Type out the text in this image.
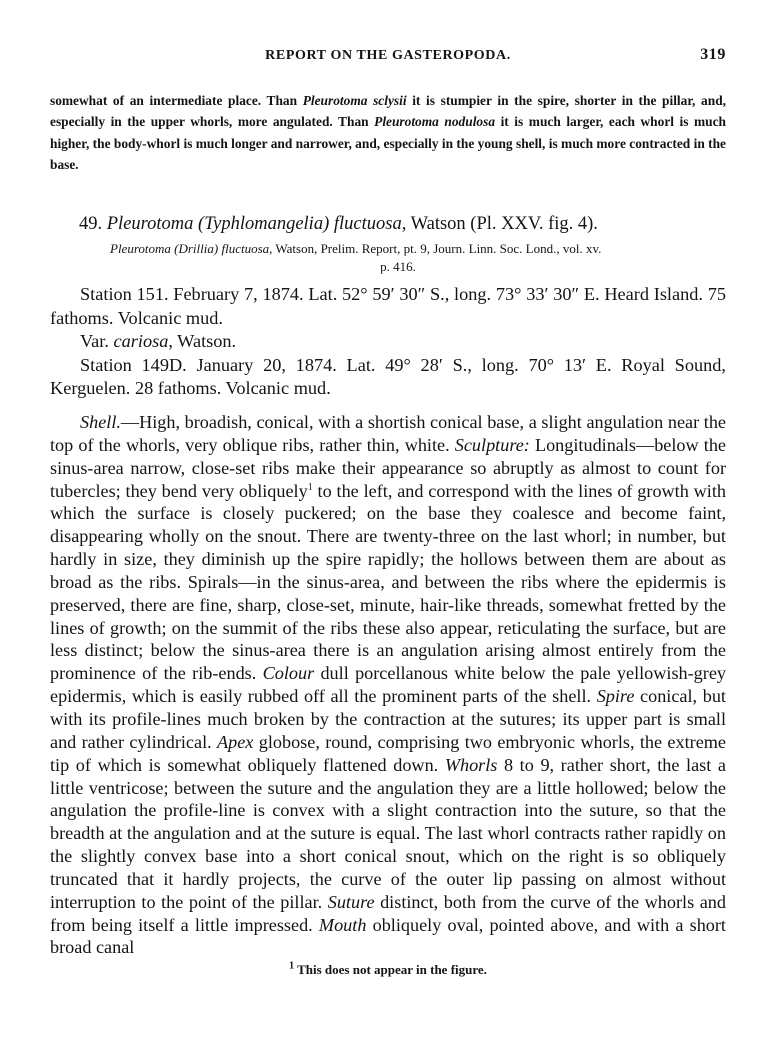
REPORT ON THE GASTEROPODA.	319
somewhat of an intermediate place. Than Pleurotoma sclysii it is stumpier in the spire, shorter in the pillar, and, especially in the upper whorls, more angulated. Than Pleurotoma nodulosa it is much larger, each whorl is much higher, the body-whorl is much longer and narrower, and, especially in the young shell, is much more contracted in the base.
49. Pleurotoma (Typhlomangelia) fluctuosa, Watson (Pl. XXV. fig. 4).
Pleurotoma (Drillia) fluctuosa, Watson, Prelim. Report, pt. 9, Journ. Linn. Soc. Lond., vol. xv.
p. 416.

Station 151. February 7, 1874. Lat. 52° 59′ 30″ S., long. 73° 33′ 30″ E. Heard Island. 75 fathoms. Volcanic mud.

Var. cariosa, Watson.

Station 149D. January 20, 1874. Lat. 49° 28′ S., long. 70° 13′ E. Royal Sound, Kerguelen. 28 fathoms. Volcanic mud.

Shell.—High, broadish, conical, with a shortish conical base, a slight angulation near the top of the whorls, very oblique ribs, rather thin, white. Sculpture: Longitudinals—below the sinus-area narrow, close-set ribs make their appearance so abruptly as almost to count for tubercles; they bend very obliquely$^1$ to the left, and correspond with the lines of growth with which the surface is closely puckered; on the base they coalesce and become faint, disappearing wholly on the snout. There are twenty-three on the last whorl; in number, but hardly in size, they diminish up the spire rapidly; the hollows between them are about as broad as the ribs. Spirals—in the sinus-area, and between the ribs where the epidermis is preserved, there are fine, sharp, close-set, minute, hair-like threads, somewhat fretted by the lines of growth; on the summit of the ribs these also appear, reticulating the surface, but are less distinct; below the sinus-area there is an angulation arising almost entirely from the prominence of the rib-ends. Colour dull porcellanous white below the pale yellowish-grey epidermis, which is easily rubbed off all the prominent parts of the shell. Spire conical, but with its profile-lines much broken by the contraction at the sutures; its upper part is small and rather cylindrical. Apex globose, round, comprising two embryonic whorls, the extreme tip of which is somewhat obliquely flattened down. Whorls 8 to 9, rather short, the last a little ventricose; between the suture and the angulation they are a little hollowed; below the angulation the profile-line is convex with a slight contraction into the suture, so that the breadth at the angulation and at the suture is equal. The last whorl contracts rather rapidly on the slightly convex base into a short conical snout, which on the right is so obliquely truncated that it hardly projects, the curve of the outer lip passing on almost without interruption to the point of the pillar. Suture distinct, both from the curve of the whorls and from being itself a little impressed. Mouth obliquely oval, pointed above, and with a short broad canal
$^1$ This does not appear in the figure.
